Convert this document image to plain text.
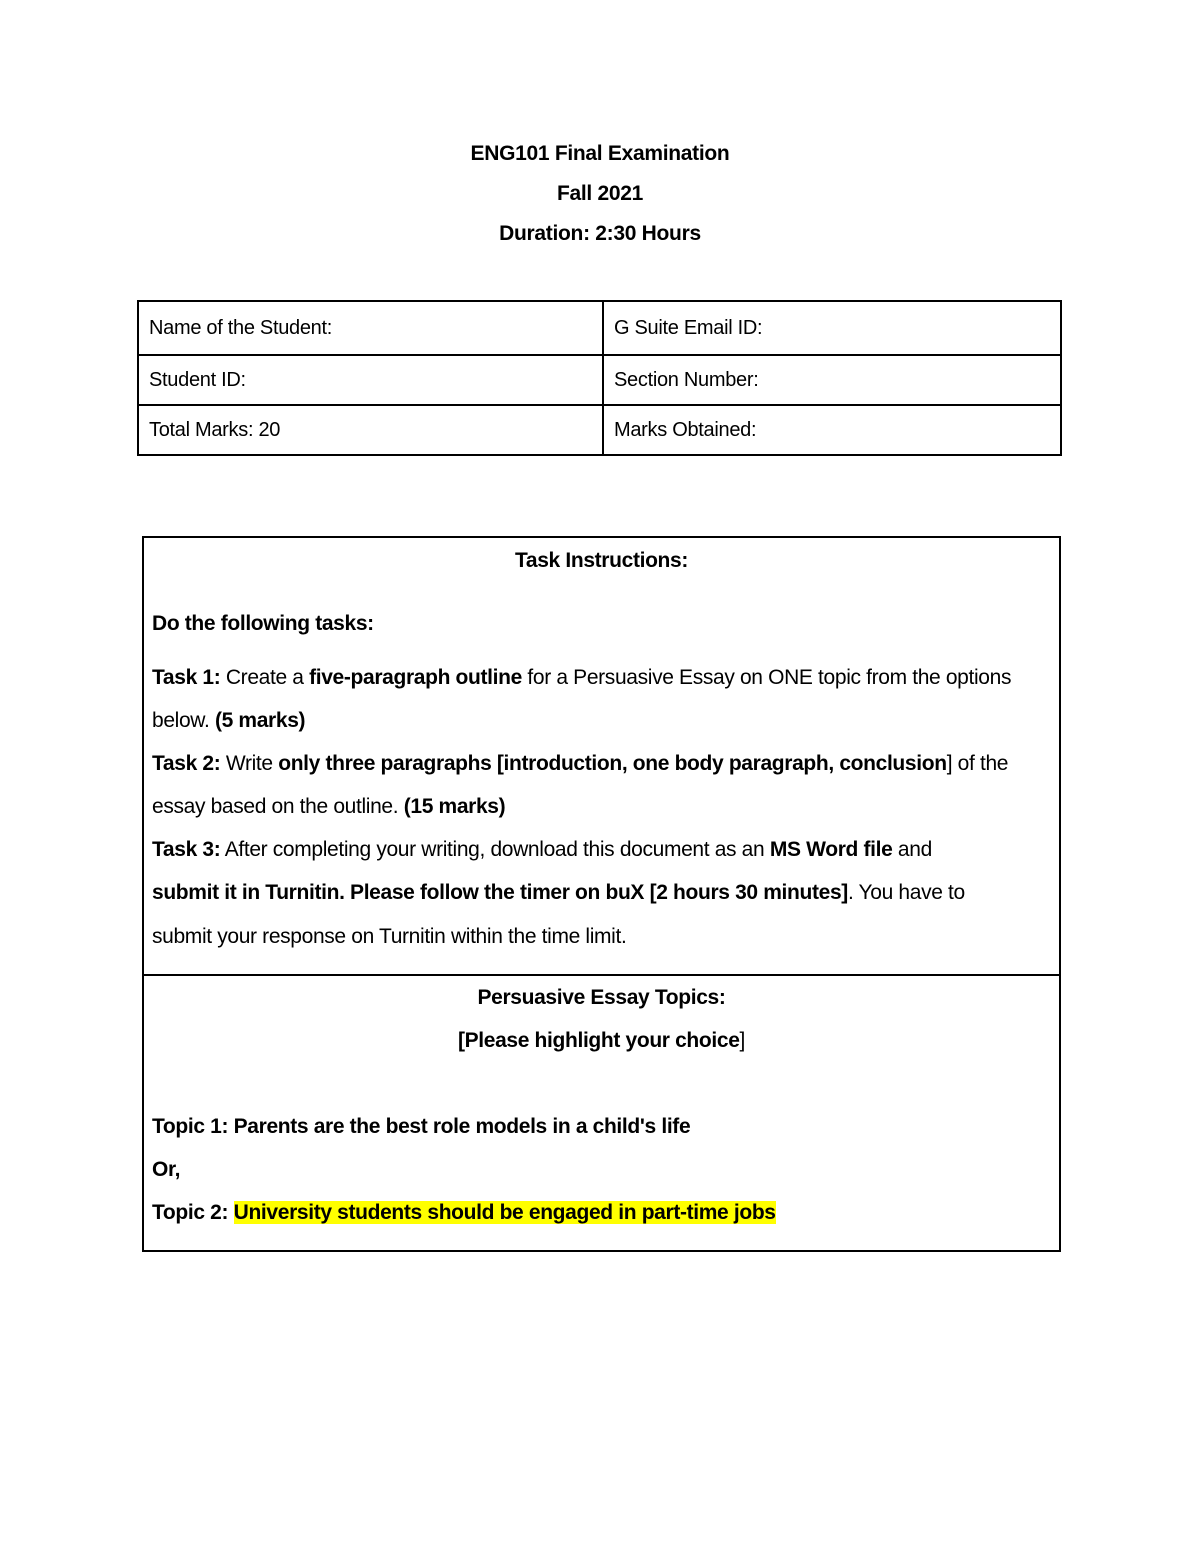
ENG101 Final Examination
Fall 2021
Duration: 2:30 Hours
Name of the Student:	G Suite Email ID:
Student ID:	Section Number:
Total Marks: 20	Marks Obtained:
Task Instructions:
Do the following tasks:
Task 1: Create a five-paragraph outline for a Persuasive Essay on ONE topic from the options
below. (5 marks)
Task 2: Write only three paragraphs [introduction, one body paragraph, conclusion] of the
essay based on the outline. (15 marks)
Task 3: After completing your writing, download this document as an MS Word file and
submit it in Turnitin. Please follow the timer on buX [2 hours 30 minutes]. You have to
submit your response on Turnitin within the time limit.
Persuasive Essay Topics:
[Please highlight your choice]
Topic 1: Parents are the best role models in a child's life
Or,
Topic 2: University students should be engaged in part-time jobs
